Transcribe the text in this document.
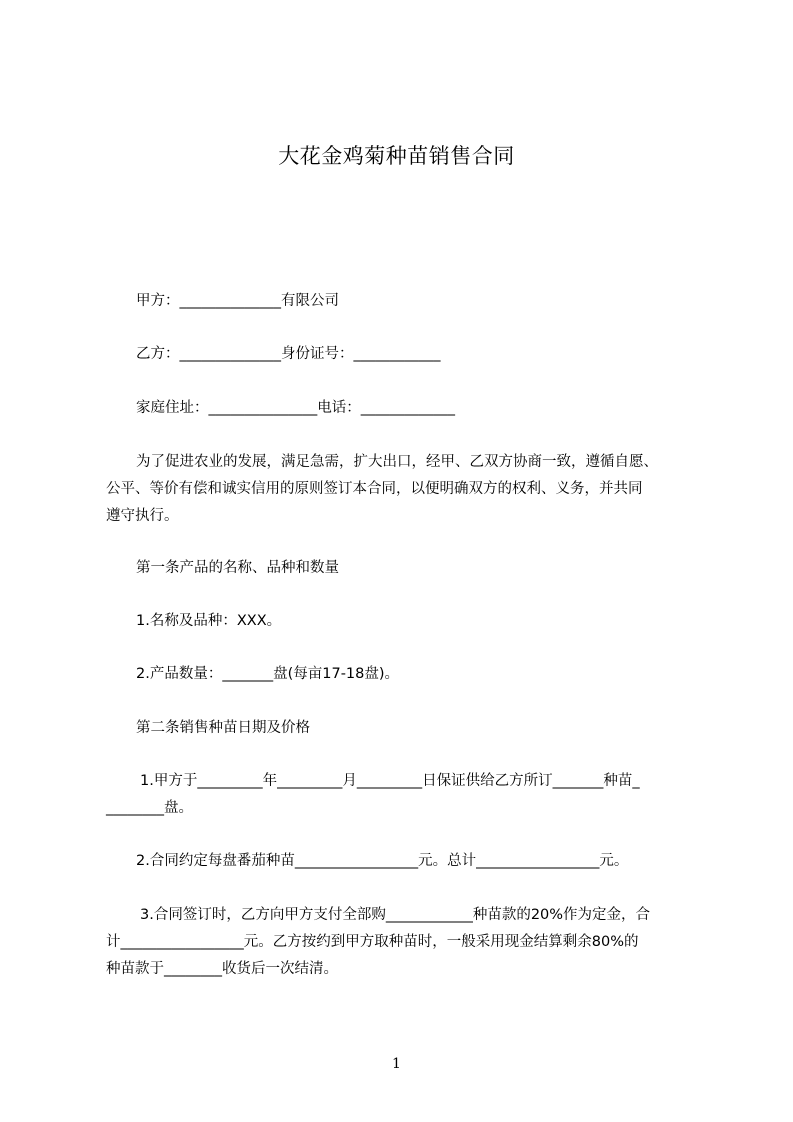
大花金鸡菊种苗销售合同
甲方：______________有限公司
乙方：______________身份证号：____________
家庭住址：_______________电话：_____________
为了促进农业的发展，满足急需，扩大出口，经甲、乙双方协商一致，遵循自愿、
公平、等价有偿和诚实信用的原则签订本合同，以便明确双方的权利、义务，并共同
遵守执行。
第一条产品的名称、品种和数量
1.名称及品种：XXX。
2.产品数量：_______盘(每亩17-18盘)。
第二条销售种苗日期及价格
1.甲方于_________年_________月_________日保证供给乙方所订_______种苗_
________盘。
2.合同约定每盘番茄种苗_________________元。总计_________________元。
3.合同签订时，乙方向甲方支付全部购____________种苗款的20%作为定金，合
计_________________元。乙方按约到甲方取种苗时，一般采用现金结算剩余80%的
种苗款于________收货后一次结清。
1
